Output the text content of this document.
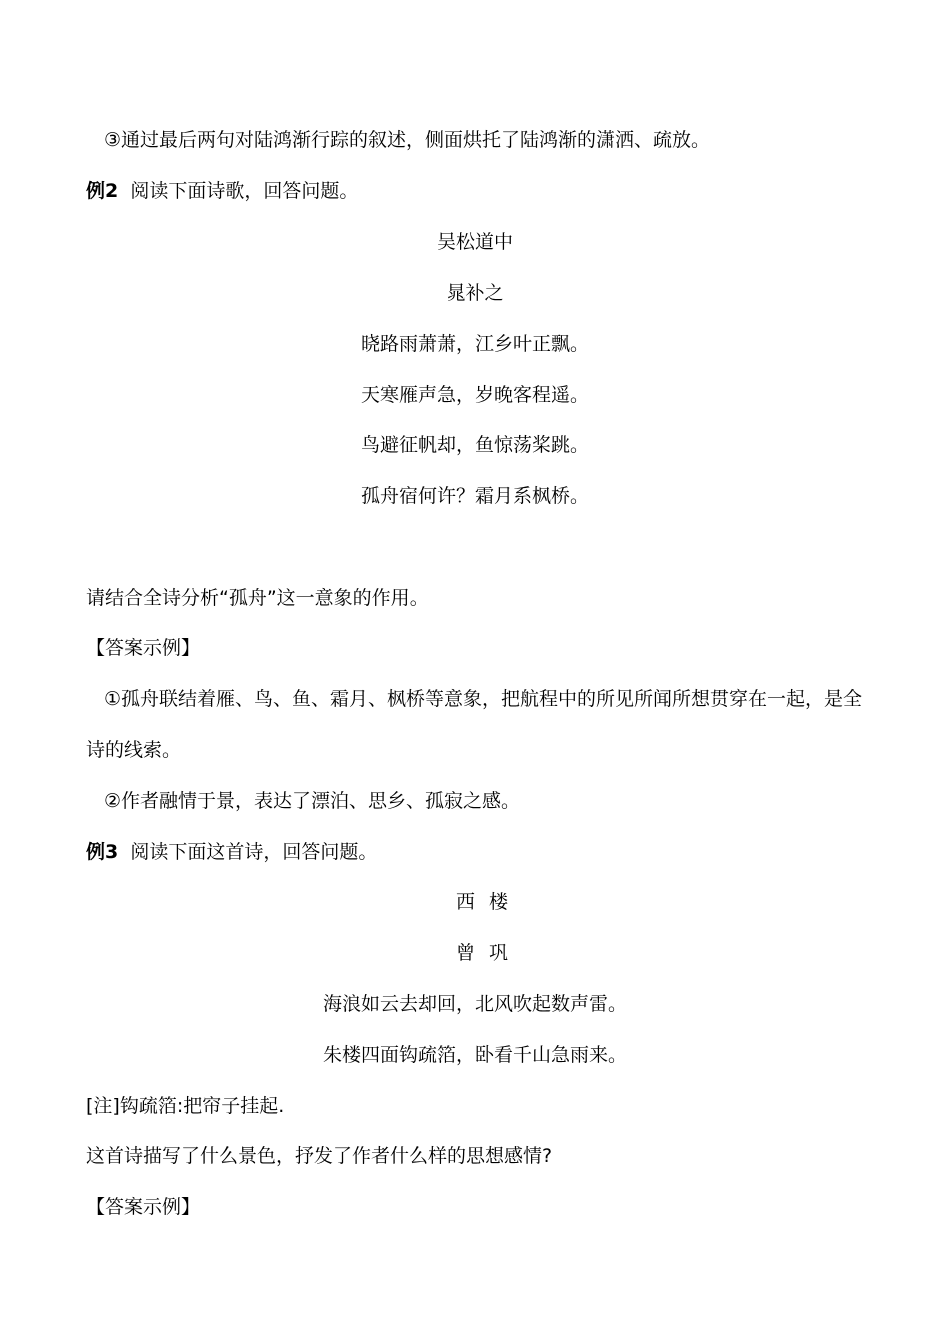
③通过最后两句对陆鸿渐行踪的叙述，侧面烘托了陆鸿渐的潇洒、疏放。
例2 阅读下面诗歌，回答问题。
吴松道中
晁补之
晓路雨萧萧，江乡叶正飘。
天寒雁声急，岁晚客程遥。
鸟避征帆却，鱼惊荡桨跳。
孤舟宿何许？霜月系枫桥。
请结合全诗分析“孤舟”这一意象的作用。
【答案示例】
①孤舟联结着雁、鸟、鱼、霜月、枫桥等意象，把航程中的所见所闻所想贯穿在一起，是全
诗的线索。
②作者融情于景，表达了漂泊、思乡、孤寂之感。
例3 阅读下面这首诗，回答问题。
西楼
曾巩
海浪如云去却回，北风吹起数声雷。
朱楼四面钩疏箔，卧看千山急雨来。
[注]钩疏箔:把帘子挂起.
这首诗描写了什么景色，抒发了作者什么样的思想感情?
【答案示例】
